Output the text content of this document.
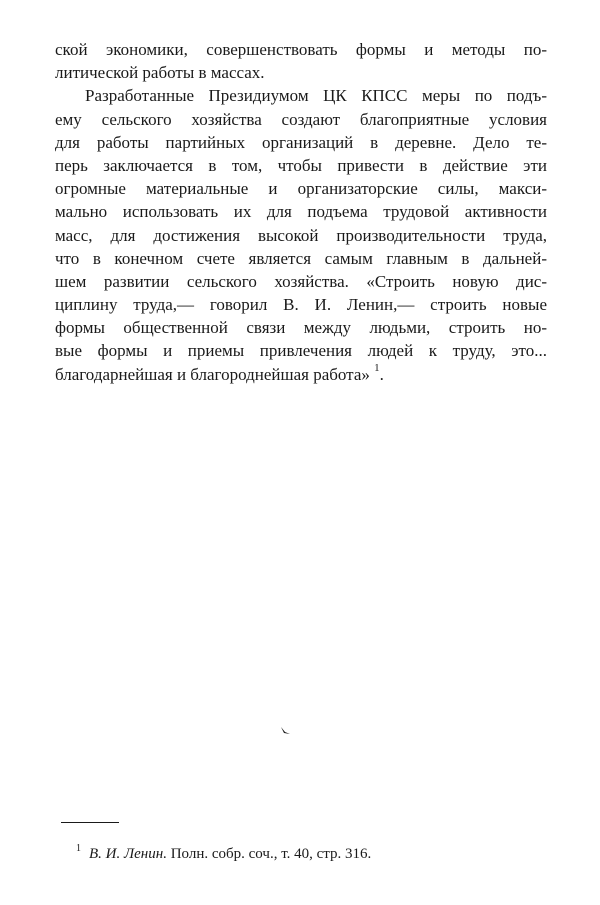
ской экономики, совершенствовать формы и методы по-
литической работы в массах.
Разработанные Президиумом ЦК КПСС меры по подъ-
ему сельского хозяйства создают благоприятные условия
для работы партийных организаций в деревне. Дело те-
перь заключается в том, чтобы привести в действие эти
огромные материальные и организаторские силы, макси-
мально использовать их для подъема трудовой активности
масс, для достижения высокой производительности труда,
что в конечном счете является самым главным в дальней-
шем развитии сельского хозяйства. «Строить новую дис-
циплину труда,— говорил В. И. Ленин,— строить новые
формы общественной связи между людьми, строить но-
вые формы и приемы привлечения людей к труду, это...
благодарнейшая и благороднейшая работа» $^1$.
$^1$ В. И. Ленин. Полн. собр. соч., т. 40, стр. 316.
